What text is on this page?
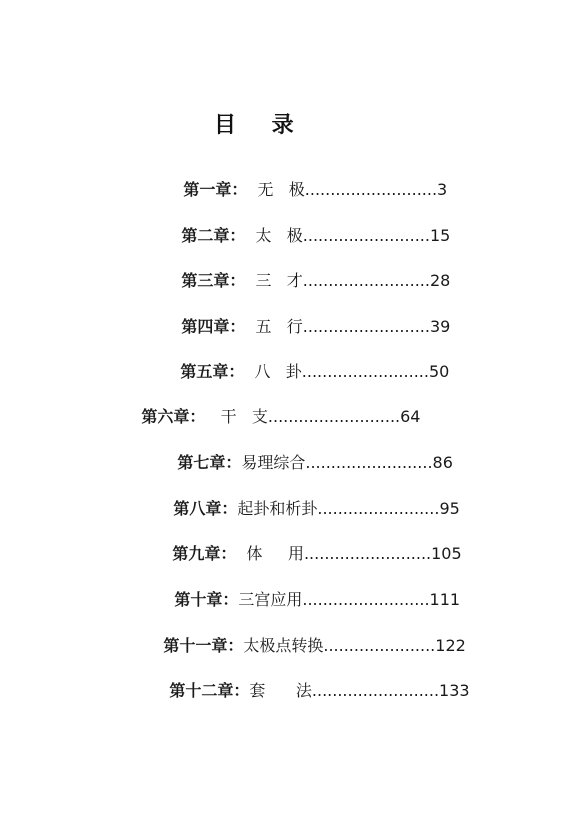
目    录

第一章：  无   极..........................3

第二章：  太   极.........................15

第三章：  三   才.........................28

第四章：  五   行.........................39

第五章：  八   卦.........................50

第六章：   干   支..........................64

第七章：易理综合.........................86

第八章：起卦和析卦........................95

第九章：  体     用.........................105

第十章：三宫应用.........................111

第十一章：太极点转换......................122

第十二章：套      法.........................133
